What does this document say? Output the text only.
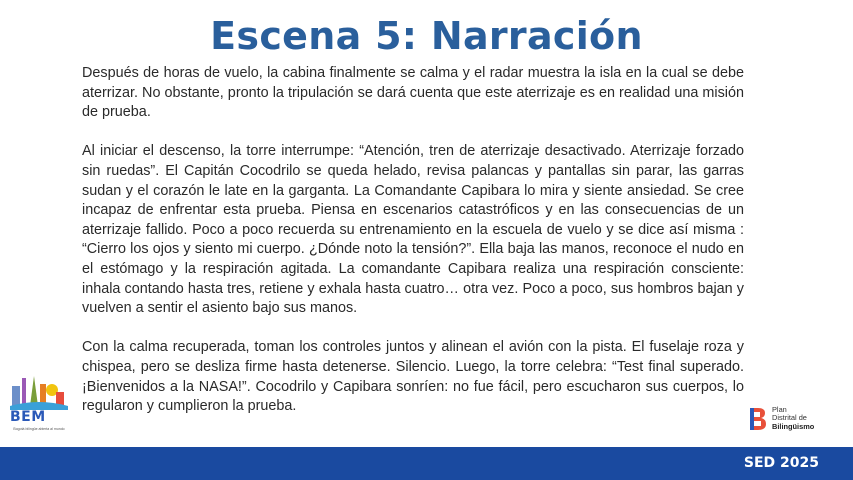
Escena 5: Narración

Después de horas de vuelo, la cabina finalmente se calma y el radar muestra la isla en la cual se debe aterrizar. No obstante, pronto la tripulación se dará cuenta que este aterrizaje es en realidad una misión de prueba.

Al iniciar el descenso, la torre interrumpe: “Atención, tren de aterrizaje desactivado. Aterrizaje forzado sin ruedas”. El Capitán Cocodrilo se queda helado, revisa palancas y pantallas sin parar, las garras sudan y el corazón le late en la garganta. La Comandante Capibara lo mira y siente ansiedad. Se cree incapaz de enfrentar esta prueba. Piensa en escenarios catastróficos y en las consecuencias de un aterrizaje fallido. Poco a poco recuerda su entrenamiento en la escuela de vuelo y se dice así misma : “Cierro los ojos y siento mi cuerpo. ¿Dónde noto la tensión?”. Ella baja las manos, reconoce el nudo en el estómago y la respiración agitada. La comandante Capibara realiza una respiración consciente: inhala contando hasta tres, retiene y exhala hasta cuatro… otra vez. Poco a poco, sus hombros bajan y vuelven a sentir el asiento bajo sus manos.

Con la calma recuperada, toman los controles juntos y alinean el avión con la pista. El fuselaje roza y chispea, pero se desliza firme hasta detenerse. Silencio. Luego, la torre celebra: “Test final superado. ¡Bienvenidos a la NASA!”. Cocodrilo y Capibara sonríen: no fue fácil, pero escucharon sus cuerpos, lo regularon y cumplieron la prueba.

BEM
Bogotá bilingüe abierta al mundo
Plan
Distrital de
Bilingüismo
SED 2025
